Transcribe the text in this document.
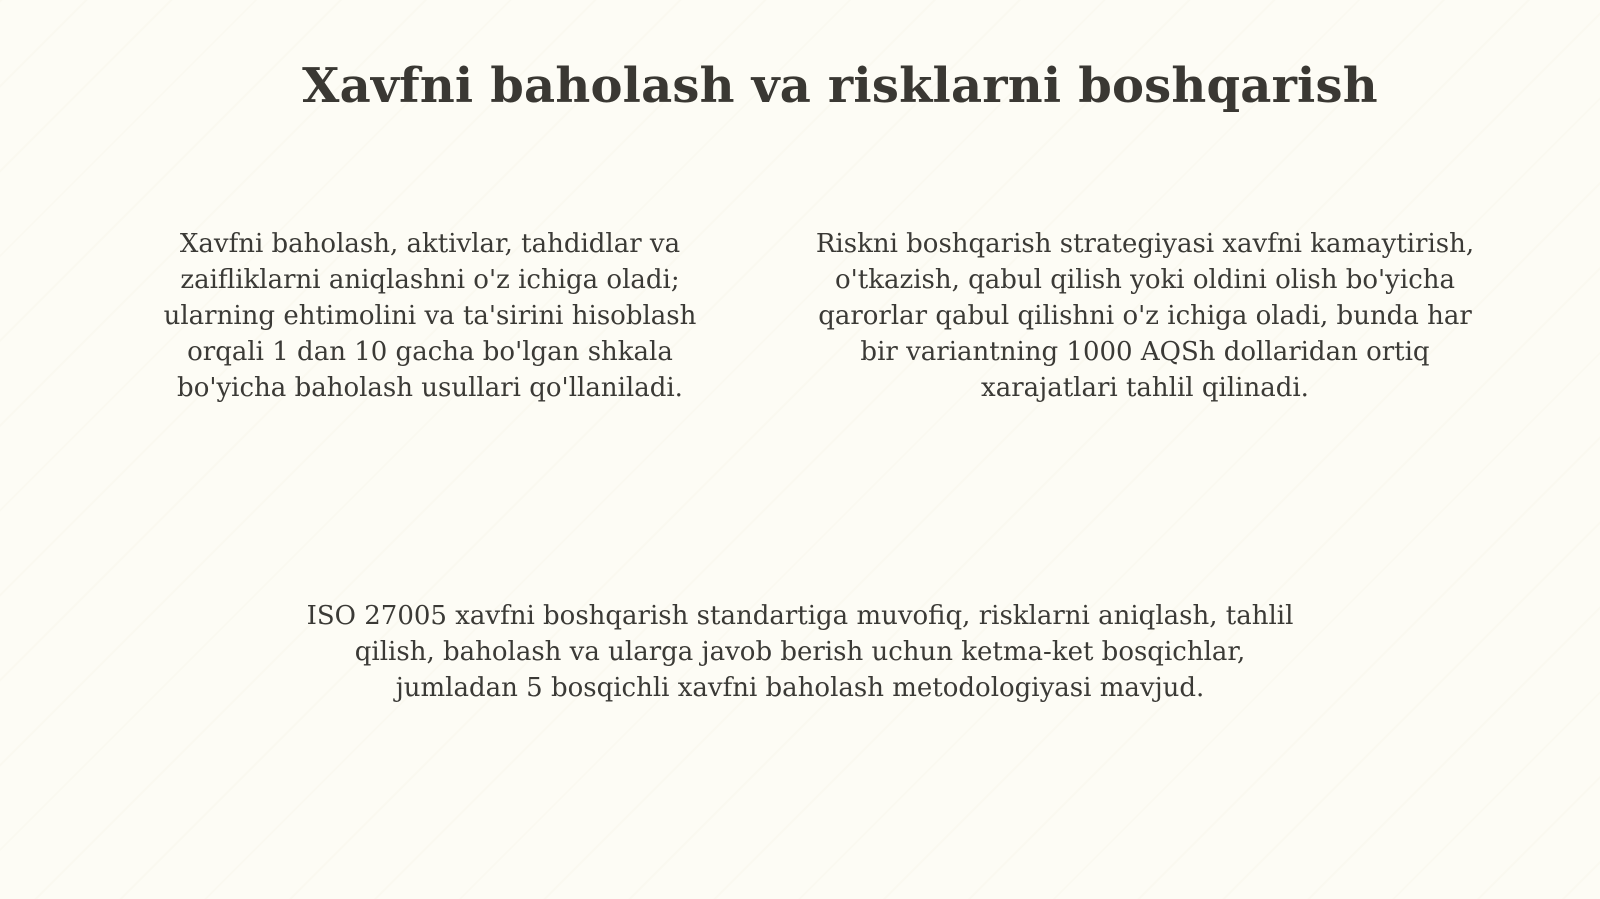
Xavfni baholash va risklarni boshqarish
Xavfni baholash, aktivlar, tahdidlar va zaifliklarni aniqlashni o'z ichiga oladi; ularning ehtimolini va ta'sirini hisoblash orqali 1 dan 10 gacha bo'lgan shkala bo'yicha baholash usullari qo'llaniladi.
Riskni boshqarish strategiyasi xavfni kamaytirish, o'tkazish, qabul qilish yoki oldini olish bo'yicha qarorlar qabul qilishni o'z ichiga oladi, bunda har bir variantning 1000 AQSh dollaridan ortiq xarajatlari tahlil qilinadi.
ISO 27005 xavfni boshqarish standartiga muvofiq, risklarni aniqlash, tahlil qilish, baholash va ularga javob berish uchun ketma-ket bosqichlar, jumladan 5 bosqichli xavfni baholash metodologiyasi mavjud.
